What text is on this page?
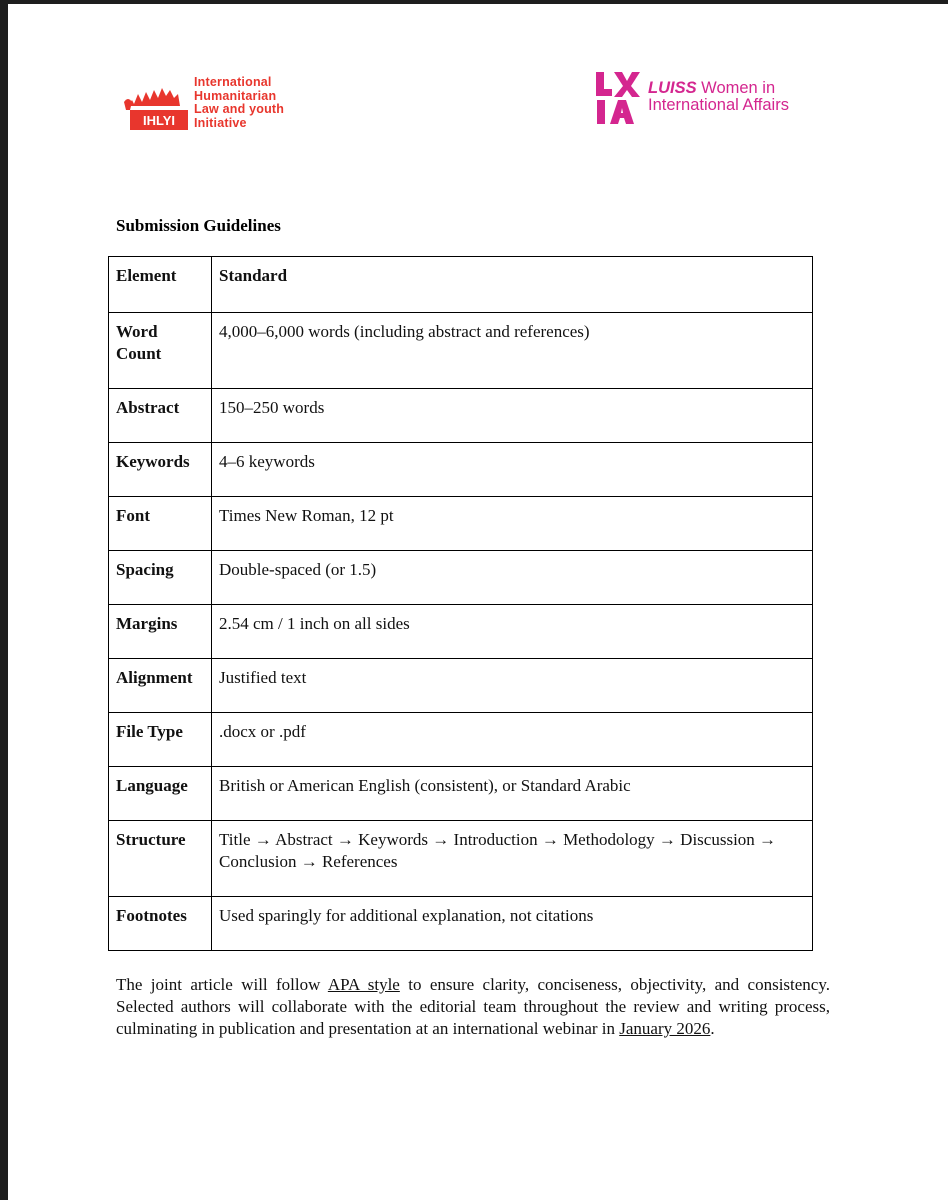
IHLYI
International
Humanitarian
Law and youth
Initiative
LUISS Women in
International Affairs
Submission Guidelines
Element	Standard
Word Count	4,000–6,000 words (including abstract and references)
Abstract	150–250 words
Keywords	4–6 keywords
Font	Times New Roman, 12 pt
Spacing	Double-spaced (or 1.5)
Margins	2.54 cm / 1 inch on all sides
Alignment	Justified text
File Type	.docx or .pdf
Language	British or American English (consistent), or Standard Arabic
Structure	Title → Abstract → Keywords → Introduction → Methodology → Discussion → Conclusion → References
Footnotes	Used sparingly for additional explanation, not citations
The joint article will follow APA style to ensure clarity, conciseness, objectivity, and consistency. Selected authors will collaborate with the editorial team throughout the review and writing process, culminating in publication and presentation at an international webinar in January 2026.
